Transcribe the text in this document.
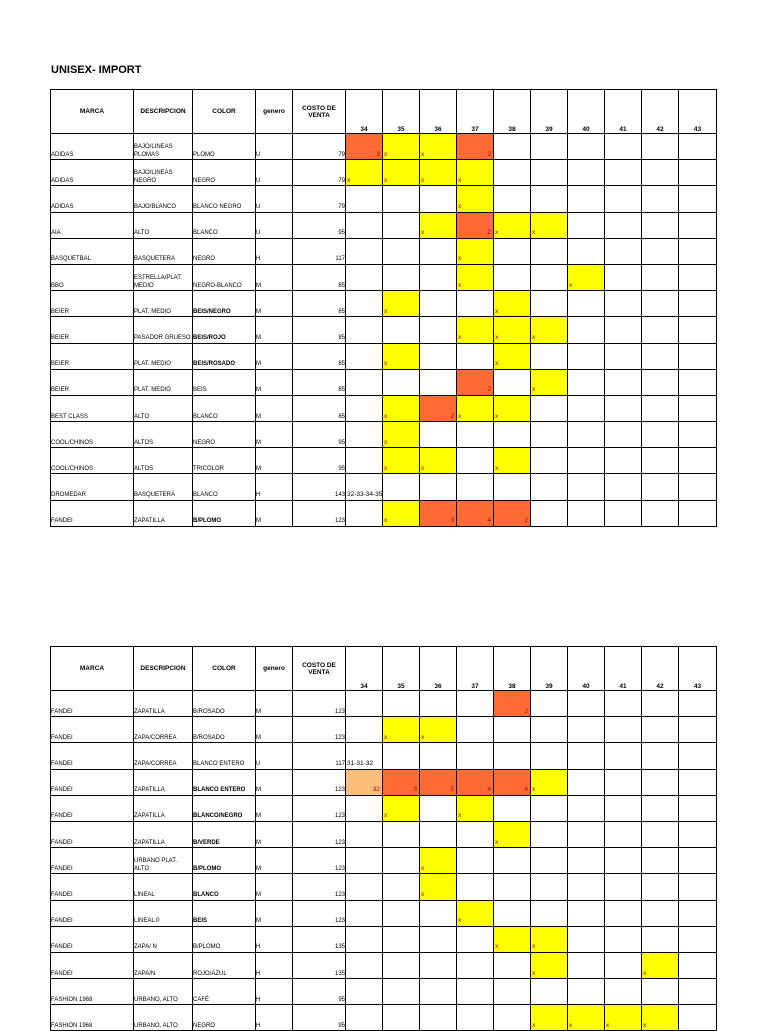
UNISEX- IMPORT
MARCA	DESCRIPCION	COLOR	genero	COSTO DE VENTA	34	35	36	37	38	39	40	41	42	43
ADIDAS	BAJO/LINEAS PLOMAS	PLOMO	U	79	3	x	x	2						

ADIDAS	BAJO/LINEAS NEGRO	NEGRO	U	79	x	x	x	x						

ADIDAS	BAJO/BLANCO	BLANCO NEGRO	U	79				x						

AIA	ALTO	BLANCO	U	95			x	2	x	x				

BASQUETBAL	BASQUETERA	NEGRO	H	117				x						

BBO	ESTRELLA/PLAT. MEDIO	NEGRO-BLANCO	M	85				x			x			

BEIER	PLAT. MEDIO	BEIS/NEGRO	M	85		x			x					

BEIER	PASADOR GRUESO	BEIS/ROJO	M	85				x	x	x				

BEIER	PLAT. MEDIO	BEIS/ROSADO	M	85		x			x					

BEIER	PLAT. MEDIO	BEIS	M	85				2		x				

BEST CLASS	ALTO	BLANCO	M	85		x	2	x	x					

COOL/CHINOS	ALTOS	NEGRO	M	95		x								

COOL/CHINOS	ALTOS	TRICOLOR	M	95		x	x		x					

DROMEDAR	BASQUETERA	BLANCO	H	143	32-33-34-35									

FANDEI	ZAPATILLA	B/PLOMO	M	123		x	3	4	2					

MARCA	DESCRIPCION	COLOR	genero	COSTO DE VENTA	34	35	36	37	38	39	40	41	42	43
FANDEI	ZAPATILLA	B/ROSADO	M	123					2					

FANDEI	ZAPA/CORREA	B/ROSADO	M	123		x	x							

FANDEI	ZAPA/CORREA	BLANCO ENTERO	U	117	31-31-32									

FANDEI	ZAPATILLA	BLANCO ENTERO	M	123	32	3	5	4	4	x				

FANDEI	ZAPATILLA	BLANCO/NEGRO	M	123		x		x						

FANDEI	ZAPATILLA	B/VERDE	M	123					x					

FANDEI	URBANO PLAT. ALTO	B/PLOMO	M	123			x							

FANDEI	LINEAL	BLANCO	M	123			x							

FANDEI	LINEAL 0	BEIS	M	123				x						

FANDEI	ZAPA/ N	B/PLOMO	H	135					x	x				

FANDEI	ZAPA/N	ROJO/AZUL	H	135						x			x	

FASHION 1968	URBANO, ALTO	CAFÉ	H	95										
FASHION 1968	URBANO, ALTO	NEGRO	H	95						x	x	x	x	
